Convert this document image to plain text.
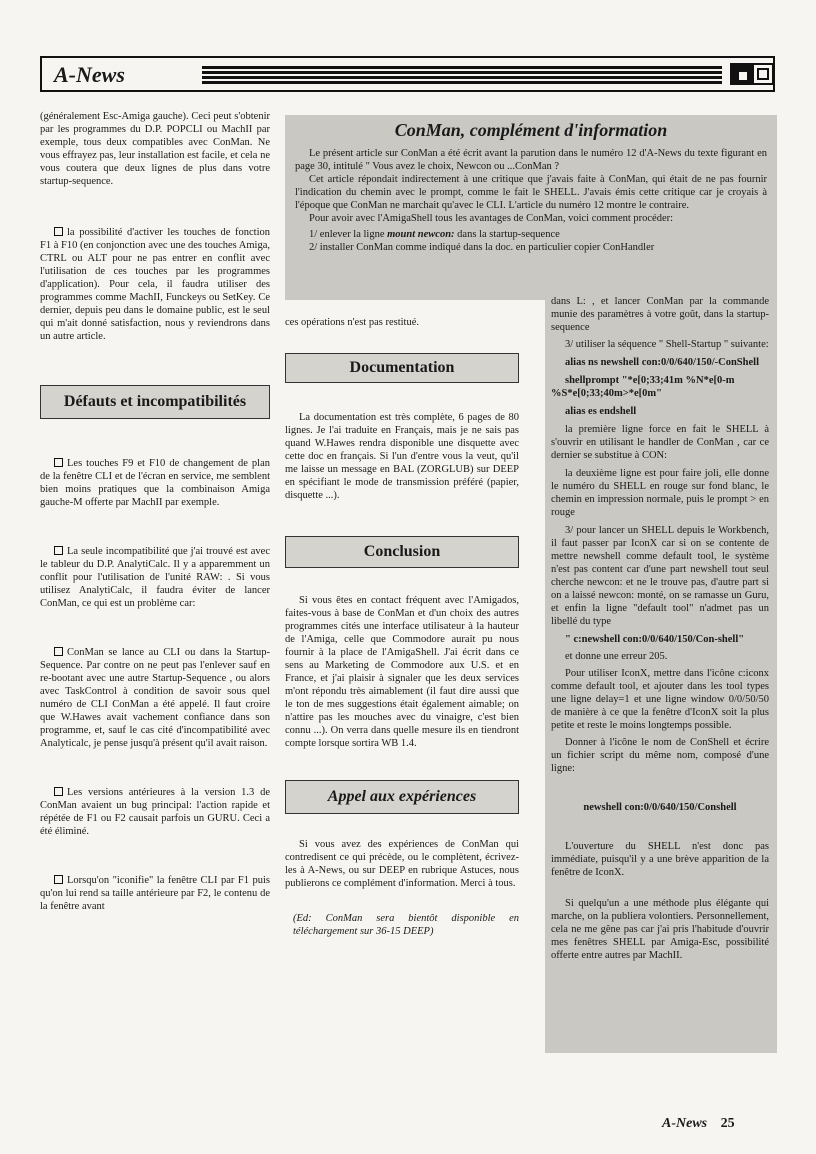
A-News

(généralement Esc-Amiga gauche). Ceci peut s'obtenir par les programmes du D.P. POPCLI ou MachII par exemple, tous deux compatibles avec ConMan. Ne vous effrayez pas, leur installation est facile, et cela ne vous coutera que deux lignes de plus dans votre startup-sequence.

la possibilité d'activer les touches de fonction F1 à F10 (en conjonction avec une des touches Amiga, CTRL ou ALT pour ne pas entrer en conflit avec l'utilisation de ces touches par les programmes d'application). Pour cela, il faudra utiliser des programmes comme MachII, Funckeys ou SetKey. Ce dernier, depuis peu dans le domaine public, est le seul qui m'ait donné satisfaction, nous y reviendrons dans un autre article.

Défauts et incompatibilités

Les touches F9 et F10 de changement de plan de la fenêtre CLI et de l'écran en service, me semblent bien moins pratiques que la combinaison Amiga gauche-M offerte par MachII par exemple.

La seule incompatibilité que j'ai trouvé est avec le tableur du D.P. AnalytiCalc. Il y a apparemment un conflit pour l'utilisation de l'unité RAW: . Si vous utilisez AnalytiCalc, il faudra éviter de lancer ConMan, ce qui est un problème car:

ConMan se lance au CLI ou dans la Startup-Sequence. Par contre on ne peut pas l'enlever sauf en re-bootant avec une autre Startup-Sequence , ou alors avec TaskControl à condition de savoir sous quel numéro de CLI ConMan a été appelé. Il faut croire que W.Hawes avait vachement confiance dans son programme, et, sauf le cas cité d'incompatibilité avec Analyticalc, je pense jusqu'à présent qu'il avait raison.

Les versions antérieures à la version 1.3 de ConMan avaient un bug principal: l'action rapide et répétée de F1 ou F2 causait parfois un GURU. Ceci a été éliminé.

Lorsqu'on "iconifie" la fenêtre CLI par F1 puis qu'on lui rend sa taille antérieure par F2, le contenu de la fenêtre avant

ConMan, complément d'information

Le présent article sur ConMan a été écrit avant la parution dans le numéro 12 d'A-News du texte figurant en page 30, intitulé " Vous avez le choix, Newcon ou ...ConMan ?

Cet article répondait indirectement à une critique que j'avais faite à ConMan, qui était de ne pas fournir l'indication du chemin avec le prompt, comme le fait le SHELL. J'avais émis cette critique car je croyais à l'époque que ConMan ne marchait qu'avec le CLI. L'article du numéro 12 montre le contraire.

Pour avoir avec l'AmigaShell tous les avantages de ConMan, voici comment procéder:

1/ enlever la ligne mount newcon: dans la startup-sequence

2/ installer ConMan comme indiqué dans la doc. en particulier copier ConHandler

dans L: , et lancer ConMan par la commande munie des paramètres à votre goût, dans la startup-sequence

3/ utiliser la séquence " Shell-Startup " suivante:

alias ns newshell con:0/0/640/150/-ConShell

shellprompt "*e[0;33;41m %N*e[0-m %S*e[0;33;40m>*e[0m"

alias es endshell

la première ligne force en fait le SHELL à s'ouvrir en utilisant le handler de ConMan , car ce dernier se substitue à CON:

la deuxième ligne est pour faire joli, elle donne le numéro du SHELL en rouge sur fond blanc, le chemin en impression normale, puis le prompt > en rouge

3/ pour lancer un SHELL depuis le Workbench, il faut passer par IconX car si on se contente de mettre newshell comme default tool, le système n'est pas content car d'une part newshell tout seul cherche newcon: et ne le trouve pas, d'autre part si on a laissé newcon: monté, on se ramasse un Guru, et enfin la ligne "default tool" n'admet pas un libellé du type

" c:newshell con:0/0/640/150/Con-shell"

et donne une erreur 205.

Pour utiliser IconX, mettre dans l'icône c:iconx comme default tool, et ajouter dans les tool types une ligne delay=1 et une ligne window 0/0/50/50 de manière à ce que la fenêtre d'IconX soit la plus petite et reste le moins longtemps possible.

Donner à l'icône le nom de ConShell et écrire un fichier script du même nom, composé d'une ligne:

newshell con:0/0/640/150/Conshell

L'ouverture du SHELL n'est donc pas immédiate, puisqu'il y a une brève apparition de la fenêtre de IconX.

Si quelqu'un a une méthode plus élégante qui marche, on la publiera volontiers. Personnellement, cela ne me gêne pas car j'ai pris l'habitude d'ouvrir mes fenêtres SHELL par Amiga-Esc, possibilité offerte entre autres par MachII.

ces opérations n'est pas restitué.

Documentation

La documentation est très complète, 6 pages de 80 lignes. Je l'ai traduite en Français, mais je ne sais pas quand W.Hawes rendra disponible une disquette avec cette doc en français. Si l'un d'entre vous la veut, qu'il me laisse un message en BAL (ZORGLUB) sur DEEP en spécifiant le mode de transmission préféré (papier, disquette ...).

Conclusion

Si vous êtes en contact fréquent avec l'Amigados, faites-vous à base de ConMan et d'un choix des autres programmes cités une interface utilisateur à la hauteur de l'Amiga, celle que Commodore aurait pu nous fournir à la place de l'AmigaShell. J'ai écrit dans ce sens au Marketing de Commodore aux U.S. et en France, et j'ai plaisir à signaler que les deux services m'ont répondu très aimablement (il faut dire aussi que le ton de mes suggestions était également aimable; on n'attire pas les mouches avec du vinaigre, c'est bien connu ...). On verra dans quelle mesure ils en tiendront compte lorsque sortira WB 1.4.

Appel aux expériences

Si vous avez des expériences de ConMan qui contredisent ce qui précède, ou le complètent, écrivez-les à A-News, ou sur DEEP en rubrique Astuces, nous publierons ce complément d'information. Merci à tous.

(Ed: ConMan sera bientôt disponible en téléchargement sur 36-15 DEEP)

A-News 25
